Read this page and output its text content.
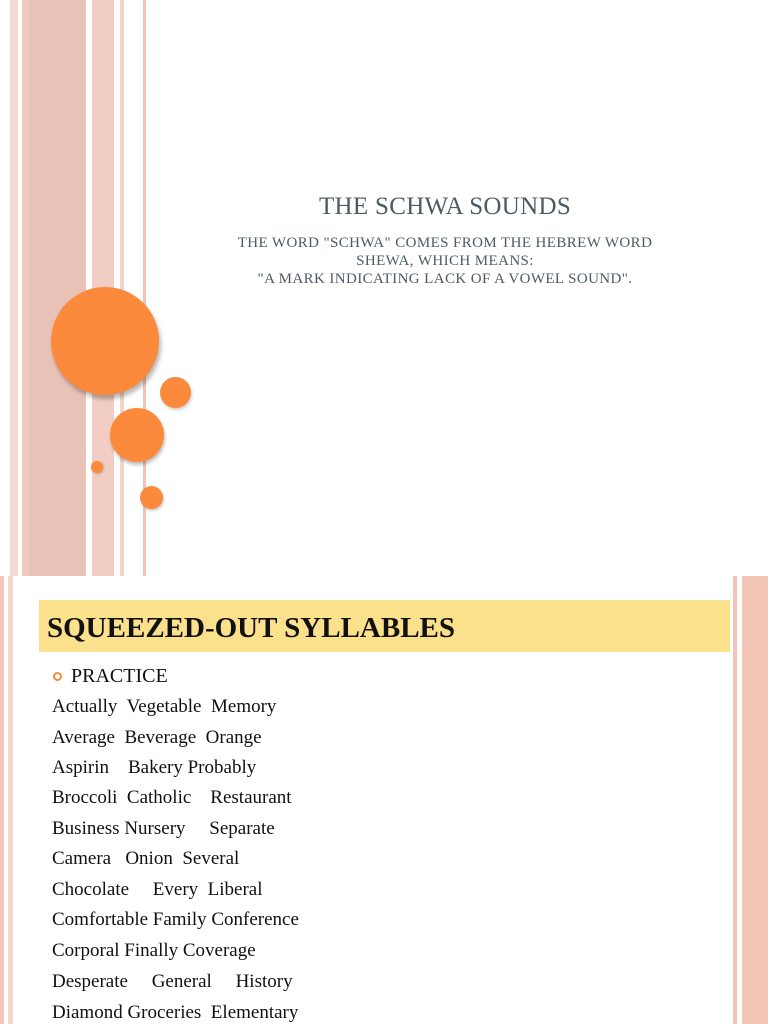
THE SCHWA SOUNDS
THE WORD "SCHWA" COMES FROM THE HEBREW WORD
SHEWA, WHICH MEANS:
"A MARK INDICATING LACK OF A VOWEL SOUND".
SQUEEZED-OUT SYLLABLES
PRACTICE
Actually  Vegetable  Memory
Average  Beverage  Orange
Aspirin    Bakery Probably
Broccoli  Catholic    Restaurant
Business Nursery     Separate
Camera   Onion  Several
Chocolate     Every  Liberal
Comfortable Family Conference
Corporal Finally Coverage
Desperate     General     History
Diamond Groceries  Elementary
